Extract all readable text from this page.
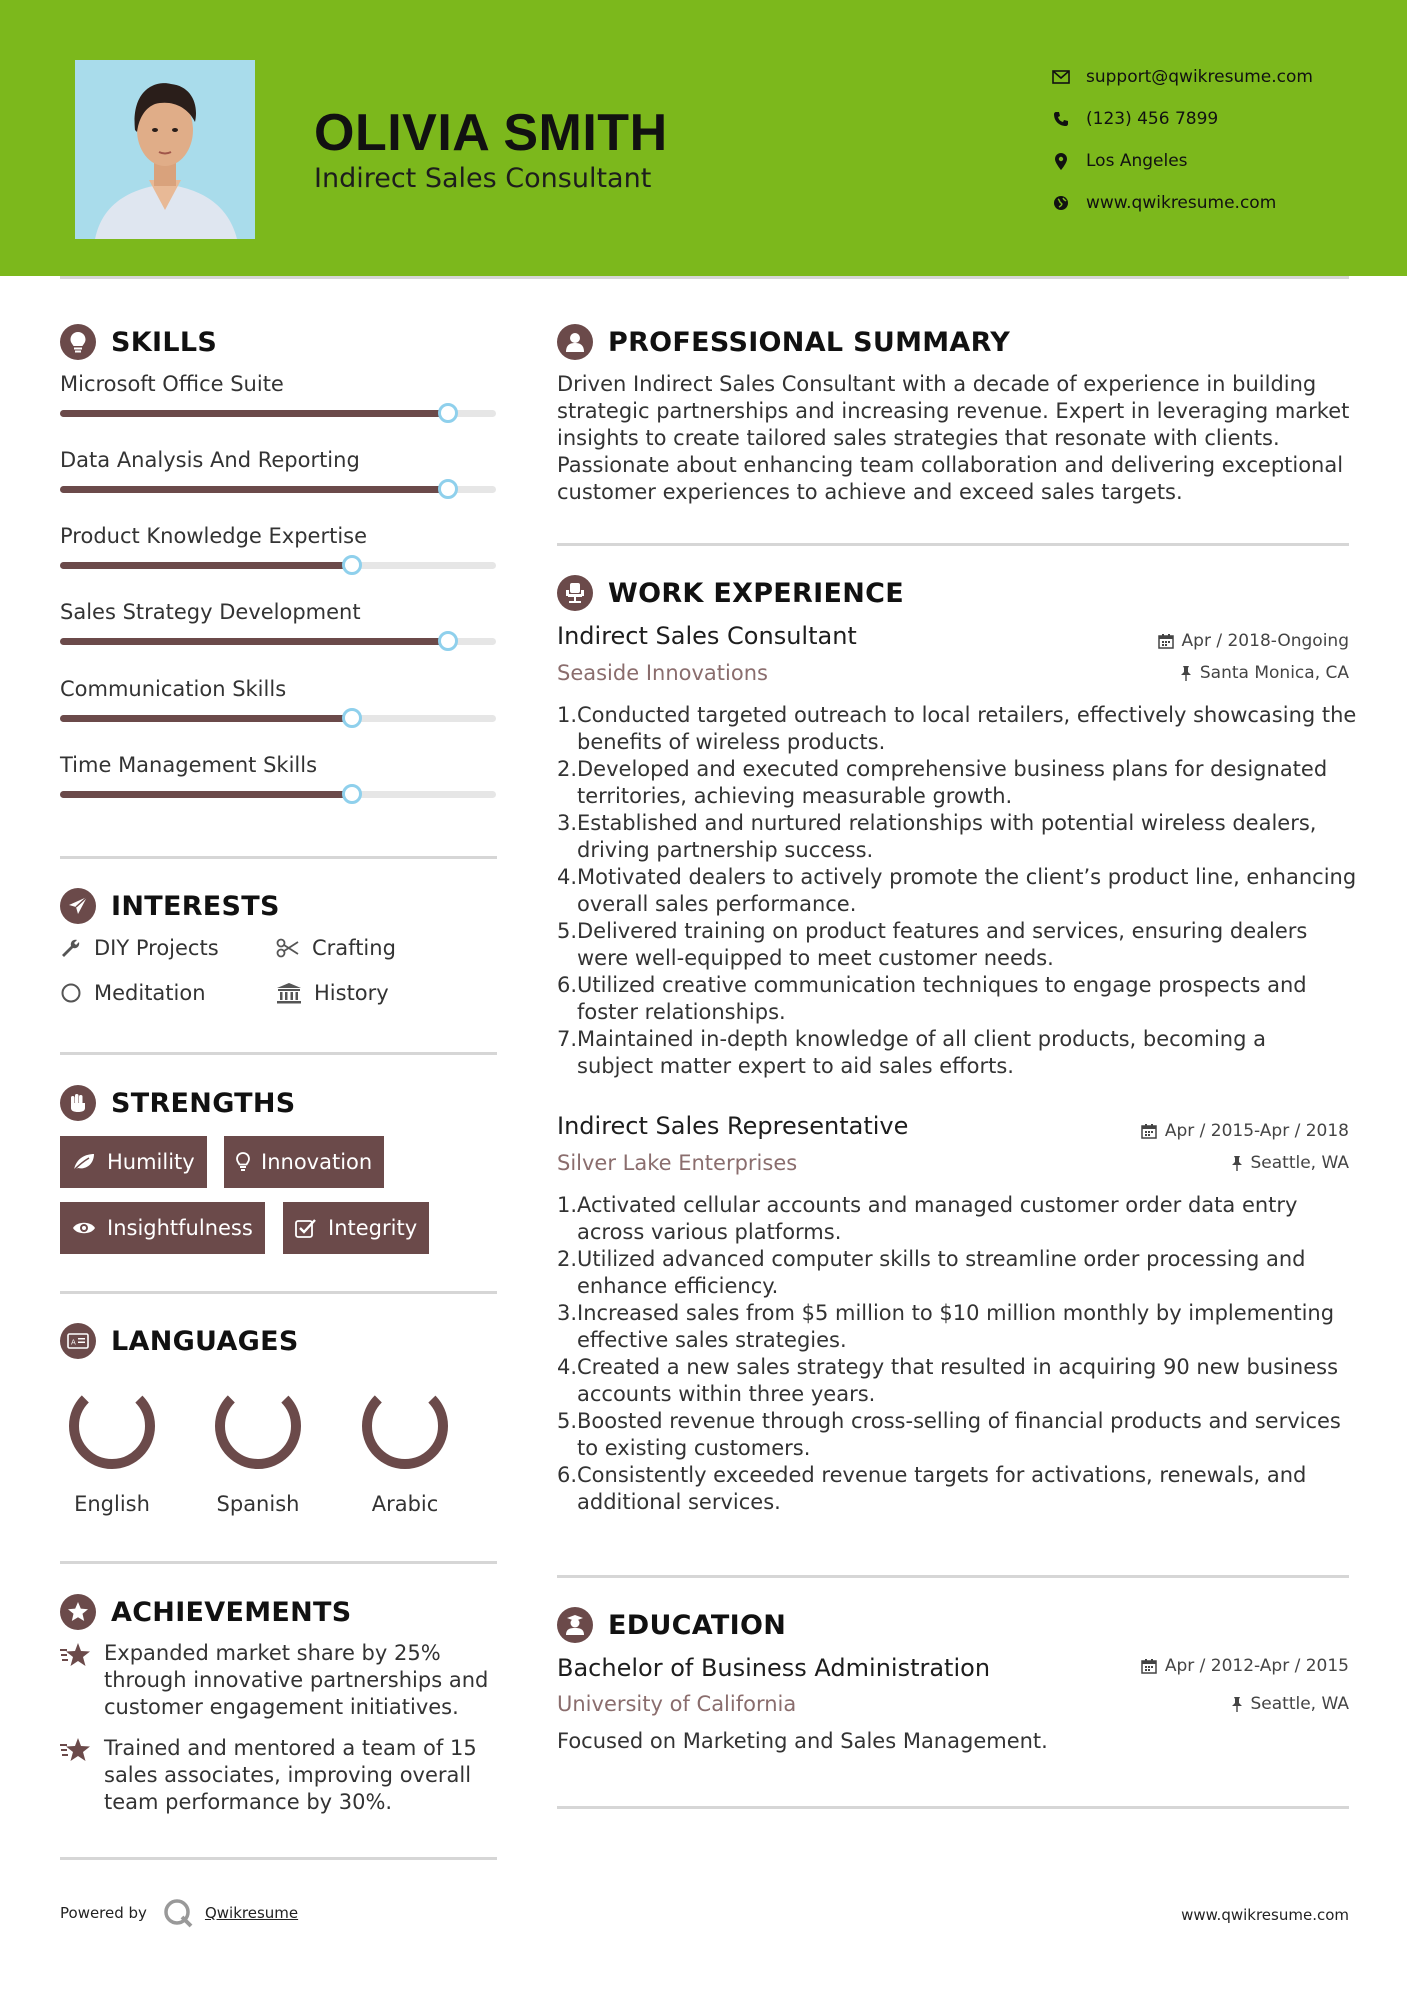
OLIVIA SMITH
Indirect Sales Consultant
support@qwikresume.com
(123) 456 7899
Los Angeles
www.qwikresume.com
SKILLS
Microsoft Office Suite
Data Analysis And Reporting
Product Knowledge Expertise
Sales Strategy Development
Communication Skills
Time Management Skills
INTERESTS
DIY Projects	Crafting
Meditation	History
STRENGTHS
Humility	Innovation
Insightfulness	Integrity
A LANGUAGES
English	Spanish	Arabic
ACHIEVEMENTS
Expanded market share by 25%
through innovative partnerships and
customer engagement initiatives.
Trained and mentored a team of 15
sales associates, improving overall
team performance by 30%.
PROFESSIONAL SUMMARY
Driven Indirect Sales Consultant with a decade of experience in building
strategic partnerships and increasing revenue. Expert in leveraging market
insights to create tailored sales strategies that resonate with clients.
Passionate about enhancing team collaboration and delivering exceptional
customer experiences to achieve and exceed sales targets.
WORK EXPERIENCE
Indirect Sales Consultant	Apr / 2018-Ongoing
Seaside Innovations	Santa Monica, CA
1. Conducted targeted outreach to local retailers, effectively showcasing the
benefits of wireless products.
2. Developed and executed comprehensive business plans for designated
territories, achieving measurable growth.
3. Established and nurtured relationships with potential wireless dealers,
driving partnership success.
4. Motivated dealers to actively promote the client’s product line, enhancing
overall sales performance.
5. Delivered training on product features and services, ensuring dealers
were well-equipped to meet customer needs.
6. Utilized creative communication techniques to engage prospects and
foster relationships.
7. Maintained in-depth knowledge of all client products, becoming a
subject matter expert to aid sales efforts.
Indirect Sales Representative	Apr / 2015-Apr / 2018
Silver Lake Enterprises	Seattle, WA
1. Activated cellular accounts and managed customer order data entry
across various platforms.
2. Utilized advanced computer skills to streamline order processing and
enhance efficiency.
3. Increased sales from $5 million to $10 million monthly by implementing
effective sales strategies.
4. Created a new sales strategy that resulted in acquiring 90 new business
accounts within three years.
5. Boosted revenue through cross-selling of financial products and services
to existing customers.
6. Consistently exceeded revenue targets for activations, renewals, and
additional services.
EDUCATION
Bachelor of Business Administration	Apr / 2012-Apr / 2015
University of California	Seattle, WA
Focused on Marketing and Sales Management.
Powered by	Qwikresume	www.qwikresume.com
